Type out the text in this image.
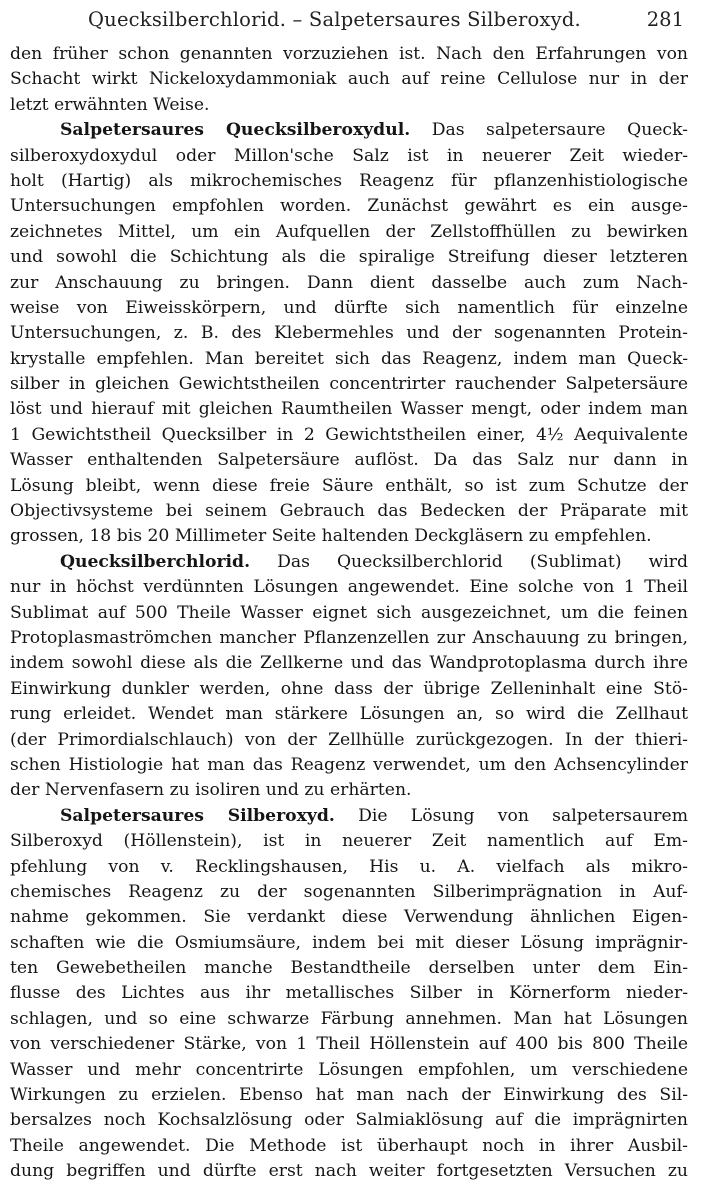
Quecksilberchlorid. – Salpetersaures Silberoxyd.	281
den früher schon genannten vorzuziehen ist. Nach den Erfahrungen von
Schacht wirkt Nickeloxydammoniak auch auf reine Cellulose nur in der
letzt erwähnten Weise.
Salpetersaures Quecksilberoxydul. Das salpetersaure Queck-
silberoxydoxydul oder Millon'sche Salz ist in neuerer Zeit wieder-
holt (Hartig) als mikrochemisches Reagenz für pflanzenhistiologische
Untersuchungen empfohlen worden. Zunächst gewährt es ein ausge-
zeichnetes Mittel, um ein Aufquellen der Zellstoffhüllen zu bewirken
und sowohl die Schichtung als die spiralige Streifung dieser letzteren
zur Anschauung zu bringen. Dann dient dasselbe auch zum Nach-
weise von Eiweisskörpern, und dürfte sich namentlich für einzelne
Untersuchungen, z. B. des Klebermehles und der sogenannten Protein-
krystalle empfehlen. Man bereitet sich das Reagenz, indem man Queck-
silber in gleichen Gewichtstheilen concentrirter rauchender Salpetersäure
löst und hierauf mit gleichen Raumtheilen Wasser mengt, oder indem man
1 Gewichtstheil Quecksilber in 2 Gewichtstheilen einer, 4½ Aequivalente
Wasser enthaltenden Salpetersäure auflöst. Da das Salz nur dann in
Lösung bleibt, wenn diese freie Säure enthält, so ist zum Schutze der
Objectivsysteme bei seinem Gebrauch das Bedecken der Präparate mit
grossen, 18 bis 20 Millimeter Seite haltenden Deckgläsern zu empfehlen.
Quecksilberchlorid. Das Quecksilberchlorid (Sublimat) wird
nur in höchst verdünnten Lösungen angewendet. Eine solche von 1 Theil
Sublimat auf 500 Theile Wasser eignet sich ausgezeichnet, um die feinen
Protoplasmaströmchen mancher Pflanzenzellen zur Anschauung zu bringen,
indem sowohl diese als die Zellkerne und das Wandprotoplasma durch ihre
Einwirkung dunkler werden, ohne dass der übrige Zelleninhalt eine Stö-
rung erleidet. Wendet man stärkere Lösungen an, so wird die Zellhaut
(der Primordialschlauch) von der Zellhülle zurückgezogen. In der thieri-
schen Histiologie hat man das Reagenz verwendet, um den Achsencylinder
der Nervenfasern zu isoliren und zu erhärten.
Salpetersaures Silberoxyd. Die Lösung von salpetersaurem
Silberoxyd (Höllenstein), ist in neuerer Zeit namentlich auf Em-
pfehlung von v. Recklingshausen, His u. A. vielfach als mikro-
chemisches Reagenz zu der sogenannten Silberimprägnation in Auf-
nahme gekommen. Sie verdankt diese Verwendung ähnlichen Eigen-
schaften wie die Osmiumsäure, indem bei mit dieser Lösung imprägnir-
ten Gewebetheilen manche Bestandtheile derselben unter dem Ein-
flusse des Lichtes aus ihr metallisches Silber in Körnerform nieder-
schlagen, und so eine schwarze Färbung annehmen. Man hat Lösungen
von verschiedener Stärke, von 1 Theil Höllenstein auf 400 bis 800 Theile
Wasser und mehr concentrirte Lösungen empfohlen, um verschiedene
Wirkungen zu erzielen. Ebenso hat man nach der Einwirkung des Sil-
bersalzes noch Kochsalzlösung oder Salmiaklösung auf die imprägnirten
Theile angewendet. Die Methode ist überhaupt noch in ihrer Ausbil-
dung begriffen und dürfte erst nach weiter fortgesetzten Versuchen zu
